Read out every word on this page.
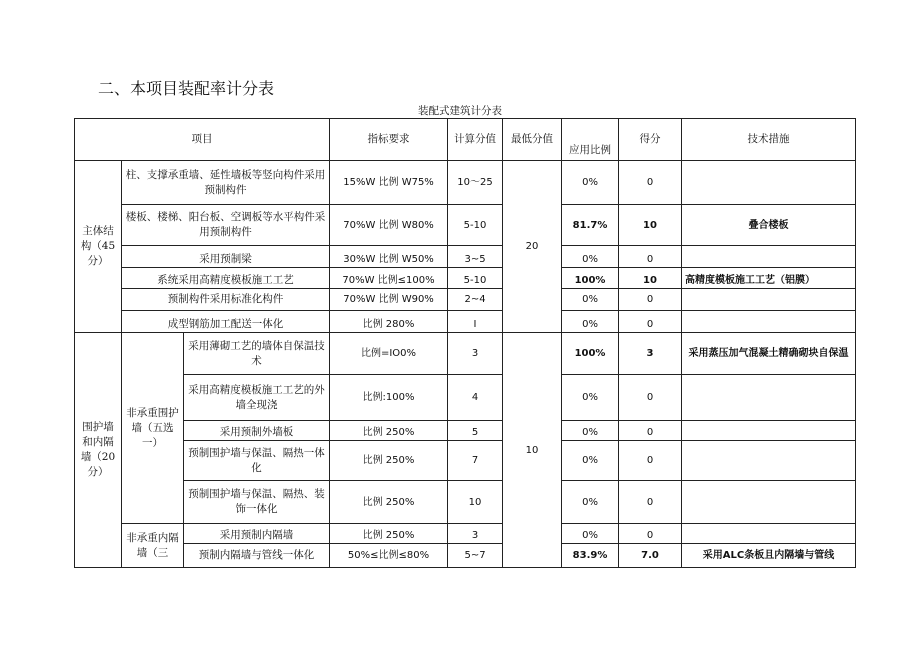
二、本项目装配率计分表
装配式建筑计分表
项目			指标要求	计算分值	最低分值	应用比例	得分	技术措施
主体结构（45分）	柱、支撑承重墙、延性墙板等竖向构件采用预制构件		15%W 比例 W75%	10～25	20	0%	0	
	楼板、楼梯、阳台板、空调板等水平构件采用预制构件		70%W 比例 W80%	5-10		81.7%	10	叠合楼板
	采用预制梁		30%W 比例 W50%	3~5		0%	0	
	系统采用高精度模板施工工艺		70%W 比例≤100%	5-10		100%	10	高精度模板施工工艺（铝膜）
	预制构件采用标准化构件		70%W 比例 W90%	2~4		0%	0	
	成型钢筋加工配送一体化		比例 280%	I		0%	0	
围护墙和内隔墙（20分）	非承重围护墙（五选一）	采用薄砌工艺的墙体自保温技术	比例=IO0%	3	10	100%	3	采用蒸压加气混凝土精确砌块自保温
		采用高精度模板施工工艺的外墙全现浇	比例:100%	4		0%	0	
		采用预制外墙板	比例 250%	5		0%	0	
		预制围护墙与保温、隔热一体化	比例 250%	7		0%	0	
		预制围护墙与保温、隔热、装饰一体化	比例 250%	10		0%	0	
	非承重内隔墙（三	采用预制内隔墙	比例 250%	3		0%	0	
		预制内隔墙与管线一体化	50%≤比例≤80%	5~7		83.9%	7.0	采用ALC条板且内隔墙与管线
